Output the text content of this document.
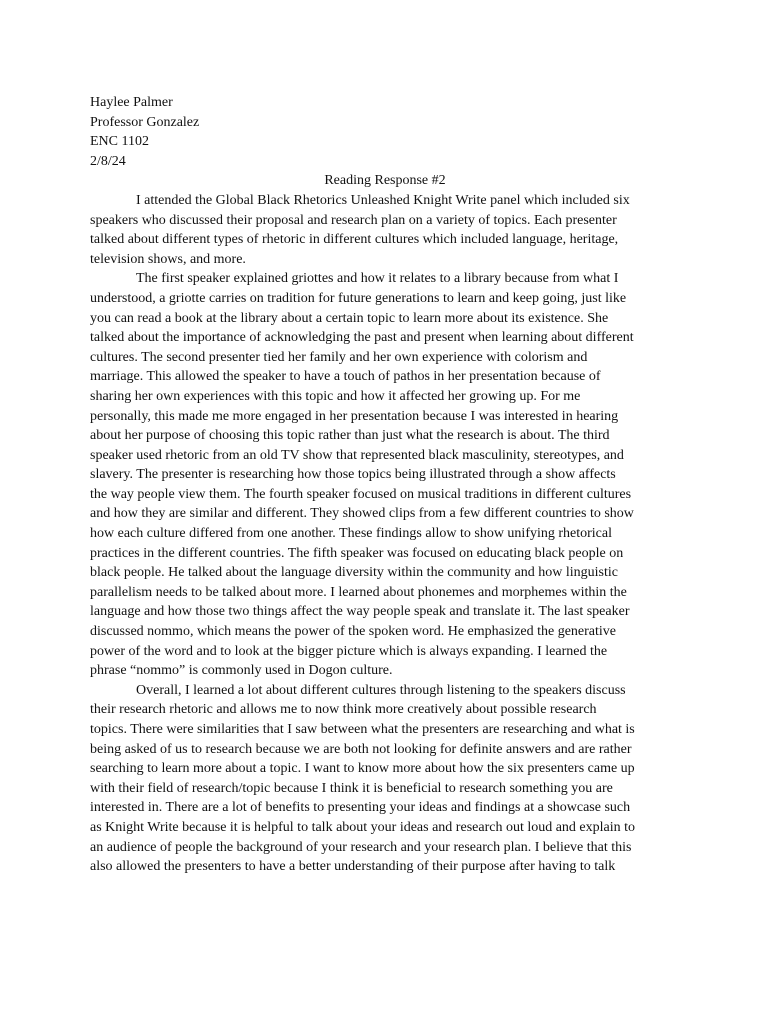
Haylee Palmer
Professor Gonzalez
ENC 1102
2/8/24
Reading Response #2
I attended the Global Black Rhetorics Unleashed Knight Write panel which included six
speakers who discussed their proposal and research plan on a variety of topics. Each presenter
talked about different types of rhetoric in different cultures which included language, heritage,
television shows, and more.
The first speaker explained griottes and how it relates to a library because from what I
understood, a griotte carries on tradition for future generations to learn and keep going, just like
you can read a book at the library about a certain topic to learn more about its existence. She
talked about the importance of acknowledging the past and present when learning about different
cultures. The second presenter tied her family and her own experience with colorism and
marriage. This allowed the speaker to have a touch of pathos in her presentation because of
sharing her own experiences with this topic and how it affected her growing up. For me
personally, this made me more engaged in her presentation because I was interested in hearing
about her purpose of choosing this topic rather than just what the research is about. The third
speaker used rhetoric from an old TV show that represented black masculinity, stereotypes, and
slavery. The presenter is researching how those topics being illustrated through a show affects
the way people view them. The fourth speaker focused on musical traditions in different cultures
and how they are similar and different. They showed clips from a few different countries to show
how each culture differed from one another. These findings allow to show unifying rhetorical
practices in the different countries. The fifth speaker was focused on educating black people on
black people. He talked about the language diversity within the community and how linguistic
parallelism needs to be talked about more. I learned about phonemes and morphemes within the
language and how those two things affect the way people speak and translate it. The last speaker
discussed nommo, which means the power of the spoken word. He emphasized the generative
power of the word and to look at the bigger picture which is always expanding. I learned the
phrase “nommo” is commonly used in Dogon culture.
Overall, I learned a lot about different cultures through listening to the speakers discuss
their research rhetoric and allows me to now think more creatively about possible research
topics. There were similarities that I saw between what the presenters are researching and what is
being asked of us to research because we are both not looking for definite answers and are rather
searching to learn more about a topic. I want to know more about how the six presenters came up
with their field of research/topic because I think it is beneficial to research something you are
interested in. There are a lot of benefits to presenting your ideas and findings at a showcase such
as Knight Write because it is helpful to talk about your ideas and research out loud and explain to
an audience of people the background of your research and your research plan. I believe that this
also allowed the presenters to have a better understanding of their purpose after having to talk
